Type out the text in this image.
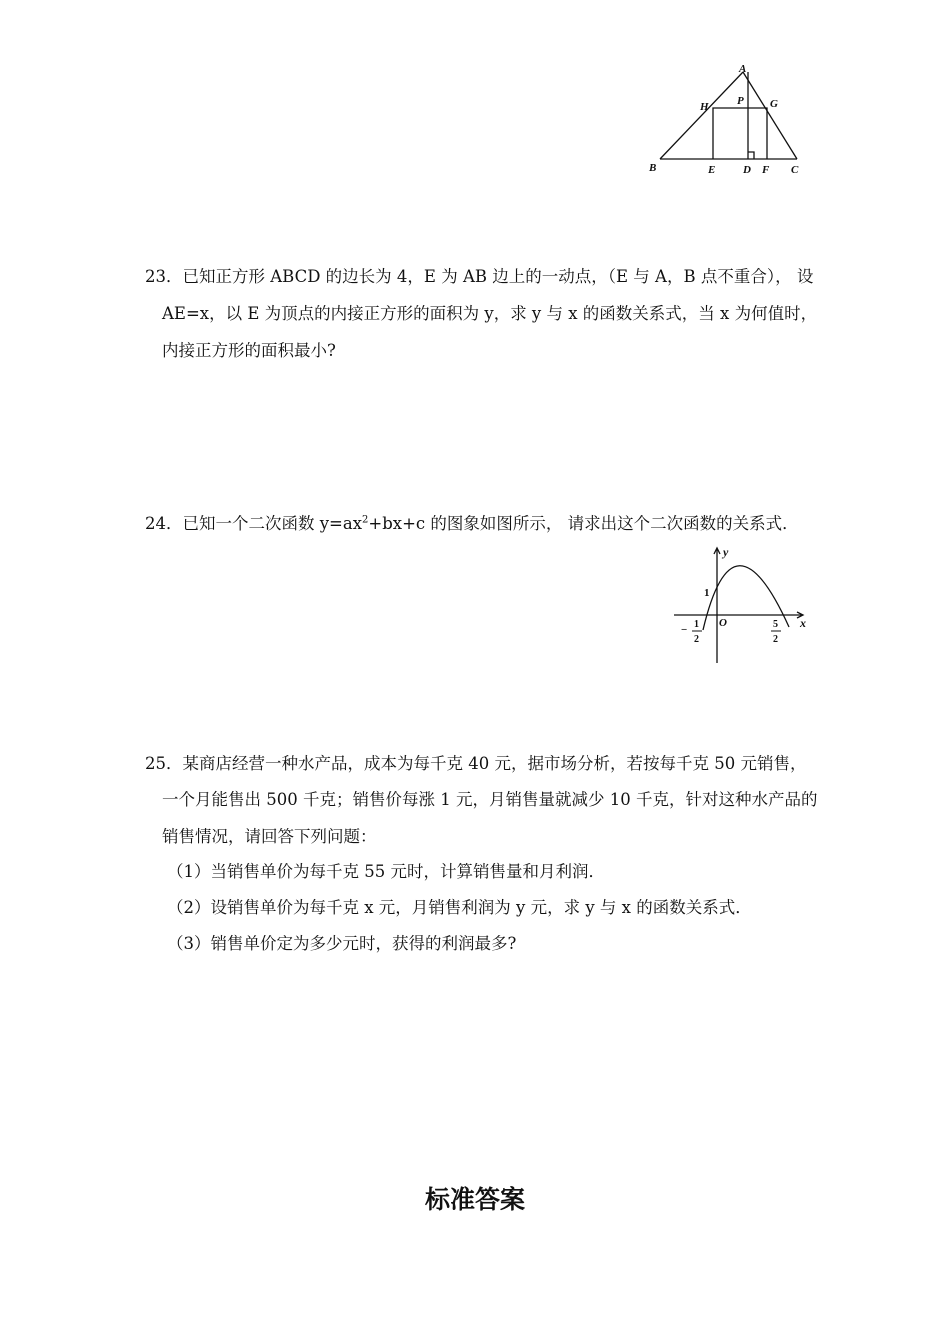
A
H	P G
B	E	D F C
23．已知正方形 ABCD 的边长为 4，E 为 AB 边上的一动点，（E 与 A，B 点不重合）， 设
AE=x，以 E 为顶点的内接正方形的面积为 y，求 y 与 x 的函数关系式，当 x 为何值时，
内接正方形的面积最小?
24．已知一个二次函数 $y=ax^2+bx+c$ 的图象如图所示， 请求出这个二次函数的关系式．
y
x
O
1
− 1
2
5
2
25．某商店经营一种水产品，成本为每千克 40 元，据市场分析，若按每千克 50 元销售，
一个月能售出 500 千克；销售价每涨 1 元，月销售量就减少 10 千克，针对这种水产品的
销售情况，请回答下列问题：
（1）当销售单价为每千克 55 元时，计算销售量和月利润．
（2）设销售单价为每千克 x 元，月销售利润为 y 元，求 y 与 x 的函数关系式．
（3）销售单价定为多少元时，获得的利润最多?
标准答案
